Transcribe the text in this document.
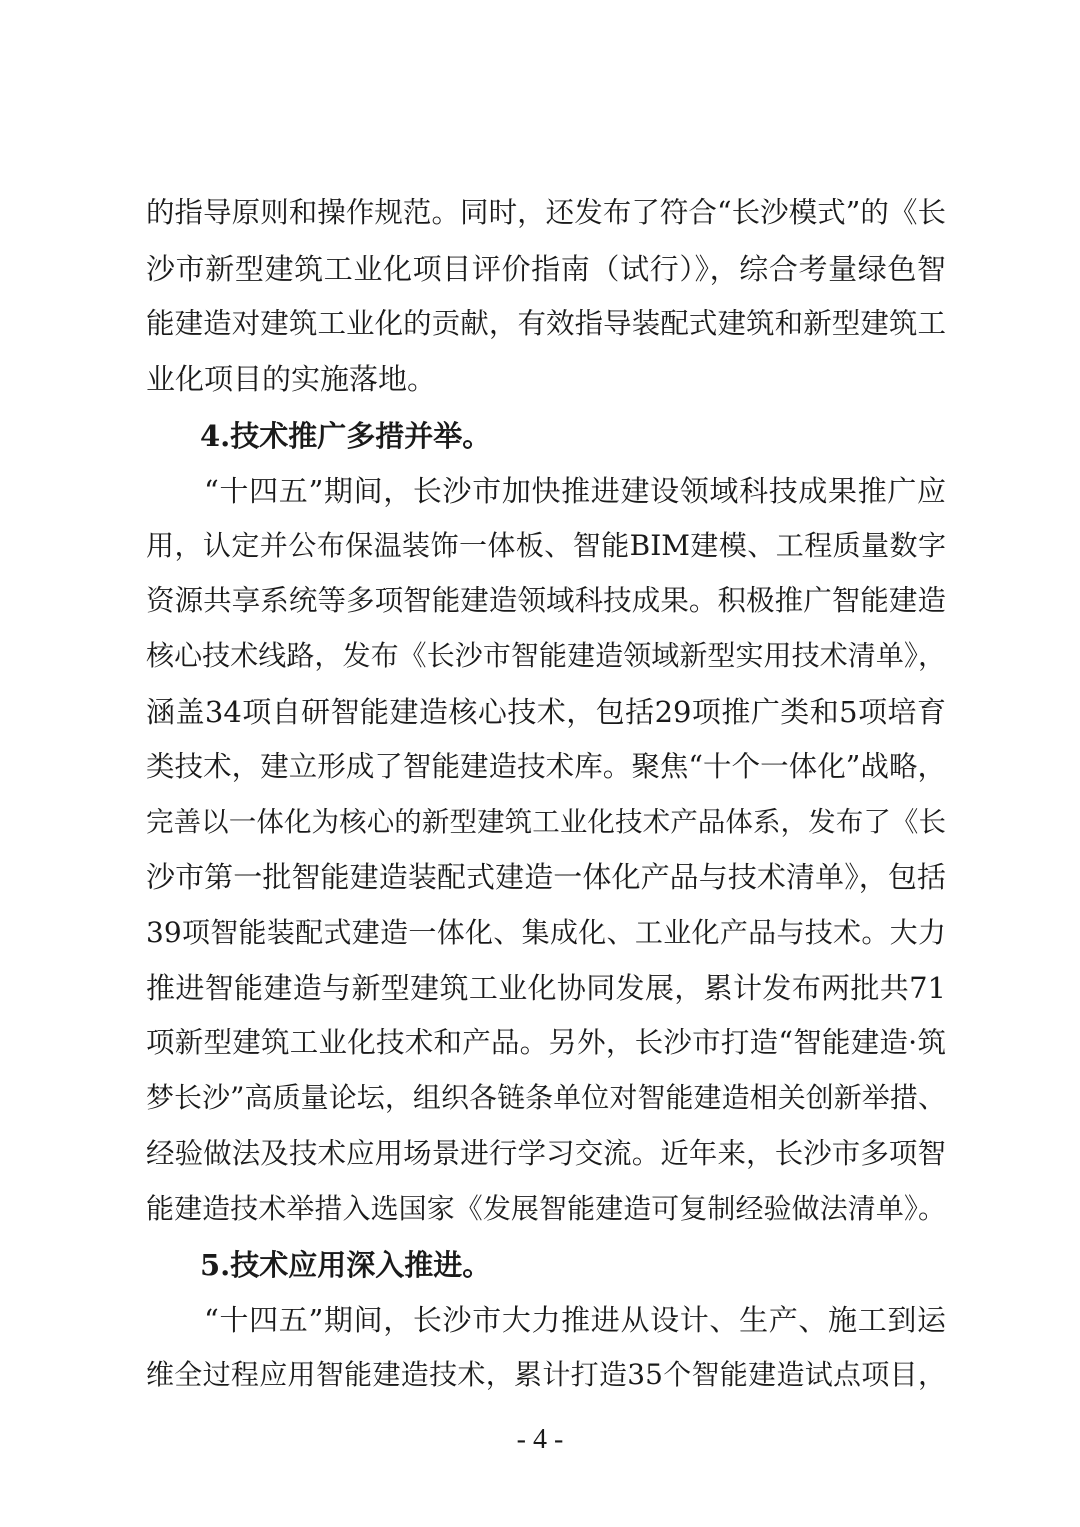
的指导原则和操作规范。同时，还发布了符合“长沙模式”的《长
沙市新型建筑工业化项目评价指南（试行）》，综合考量绿色智
能建造对建筑工业化的贡献，有效指导装配式建筑和新型建筑工
业化项目的实施落地。
4.技术推广多措并举。
“十四五”期间，长沙市加快推进建设领域科技成果推广应
用，认定并公布保温装饰一体板、智能BIM建模、工程质量数字
资源共享系统等多项智能建造领域科技成果。积极推广智能建造
核心技术线路，发布《长沙市智能建造领域新型实用技术清单》，
涵盖34项自研智能建造核心技术，包括29项推广类和5项培育
类技术，建立形成了智能建造技术库。聚焦“十个一体化”战略，
完善以一体化为核心的新型建筑工业化技术产品体系，发布了《长
沙市第一批智能建造装配式建造一体化产品与技术清单》，包括
39项智能装配式建造一体化、集成化、工业化产品与技术。大力
推进智能建造与新型建筑工业化协同发展，累计发布两批共71
项新型建筑工业化技术和产品。另外，长沙市打造“智能建造·筑
梦长沙”高质量论坛，组织各链条单位对智能建造相关创新举措、
经验做法及技术应用场景进行学习交流。近年来，长沙市多项智
能建造技术举措入选国家《发展智能建造可复制经验做法清单》。
5.技术应用深入推进。
“十四五”期间，长沙市大力推进从设计、生产、施工到运
维全过程应用智能建造技术，累计打造35个智能建造试点项目，
- 4 -
